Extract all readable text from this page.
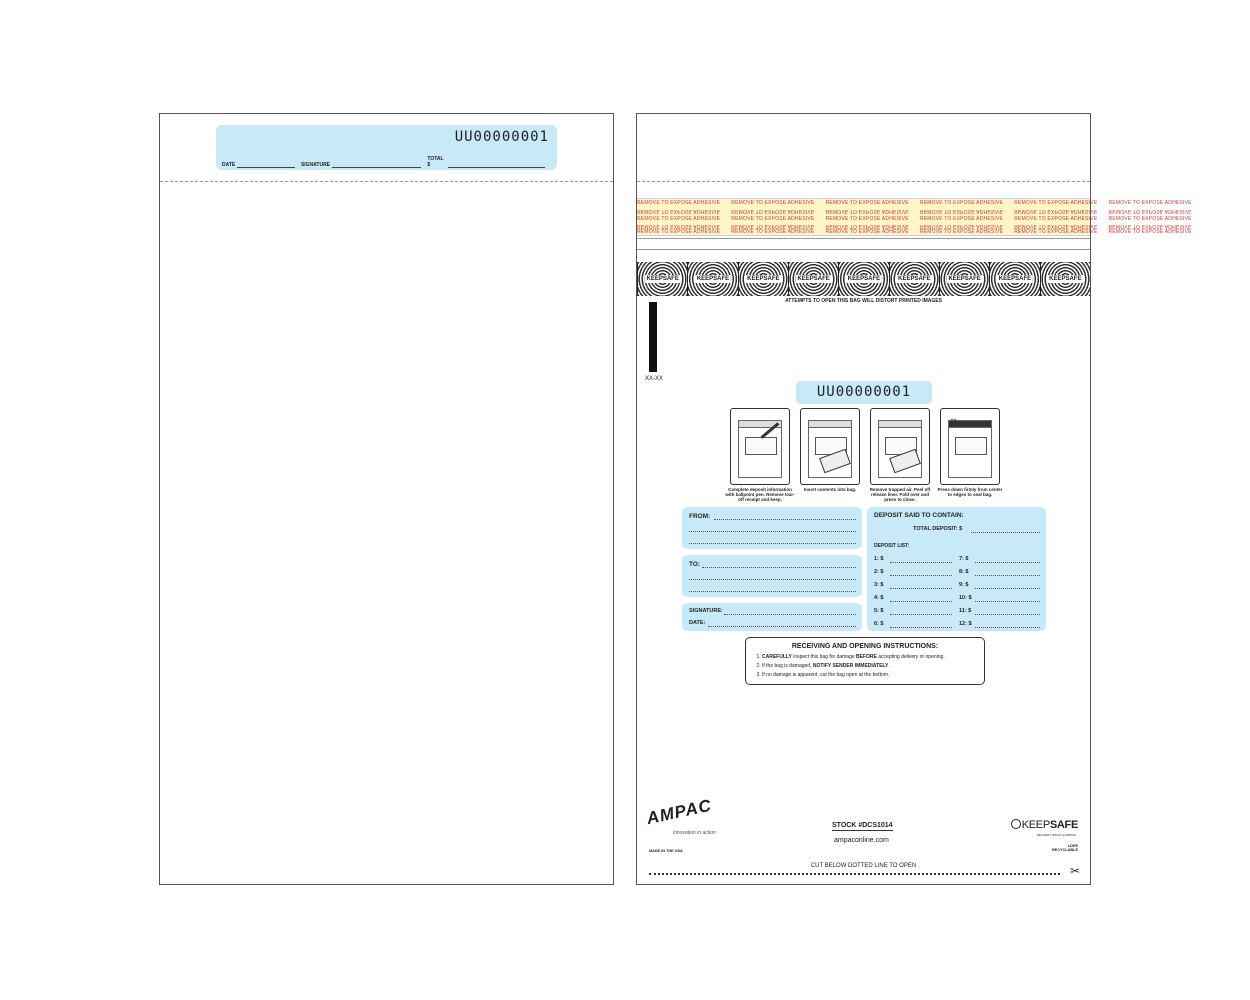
UU00000001
DATE	SIGNATURE
TOTAL $
REMOVE TO EXPOSE ADHESIVE       REMOVE TO EXPOSE ADHESIVE       REMOVE TO EXPOSE ADHESIVE       REMOVE TO EXPOSE ADHESIVE       REMOVE TO EXPOSE ADHESIVE       REMOVE TO EXPOSE ADHESIVE
REMOVE TO EXPOSE ADHESIVE       REMOVE TO EXPOSE ADHESIVE       REMOVE TO EXPOSE ADHESIVE       REMOVE TO EXPOSE ADHESIVE       REMOVE TO EXPOSE ADHESIVE       REMOVE TO EXPOSE ADHESIVE
REMOVE TO EXPOSE ADHESIVE       REMOVE TO EXPOSE ADHESIVE       REMOVE TO EXPOSE ADHESIVE       REMOVE TO EXPOSE ADHESIVE       REMOVE TO EXPOSE ADHESIVE       REMOVE TO EXPOSE ADHESIVE
REMOVE TO EXPOSE ADHESIVE       REMOVE TO EXPOSE ADHESIVE       REMOVE TO EXPOSE ADHESIVE       REMOVE TO EXPOSE ADHESIVE       REMOVE TO EXPOSE ADHESIVE       REMOVE TO EXPOSE ADHESIVE
REMOVE TO EXPOSE ADHESIVE       REMOVE TO EXPOSE ADHESIVE       REMOVE TO EXPOSE ADHESIVE       REMOVE TO EXPOSE ADHESIVE       REMOVE TO EXPOSE ADHESIVE       REMOVE TO EXPOSE ADHESIVE
KEEPSAFE	KEEPSAFE	KEEPSAFE	KEEPSAFE	KEEPSAFE	KEEPSAFE	KEEPSAFE	KEEPSAFE	KEEPSAFE
ATTEMPTS TO OPEN THIS BAG WILL DISTORT PRINTED IMAGES
XX-XX
UU00000001
Complete deposit information with ballpoint pen. Remove tear-off receipt and keep.
Insert contents into bag.	Remove trapped air. Peel off release liner. Fold over and press to close.
↔
Press down firmly from center to edges to seal bag.
FROM:
TO:
SIGNATURE:
DATE:
DEPOSIT SAID TO CONTAIN:
TOTAL DEPOSIT: $
DEPOSIT LIST:
1: $	7: $
2: $	8: $
3: $	9: $
4: $	10: $
5: $	11: $
6: $	12: $
RECEIVING AND OPENING INSTRUCTIONS:
1. CAREFULLY inspect this bag for damage BEFORE accepting delivery or opening.
2. If the bag is damaged, NOTIFY SENDER IMMEDIATELY.
3. If no damage is apparent, cut the bag open at the bottom.
AMPAC
innovation in action
MADE IN THE USA
STOCK #DCS1014
ampaconline.com
KEEPSAFE
SECURITY BAGS by AMPAC
LDPE
RECYCLABLE
CUT BELOW DOTTED LINE TO OPEN	✂
